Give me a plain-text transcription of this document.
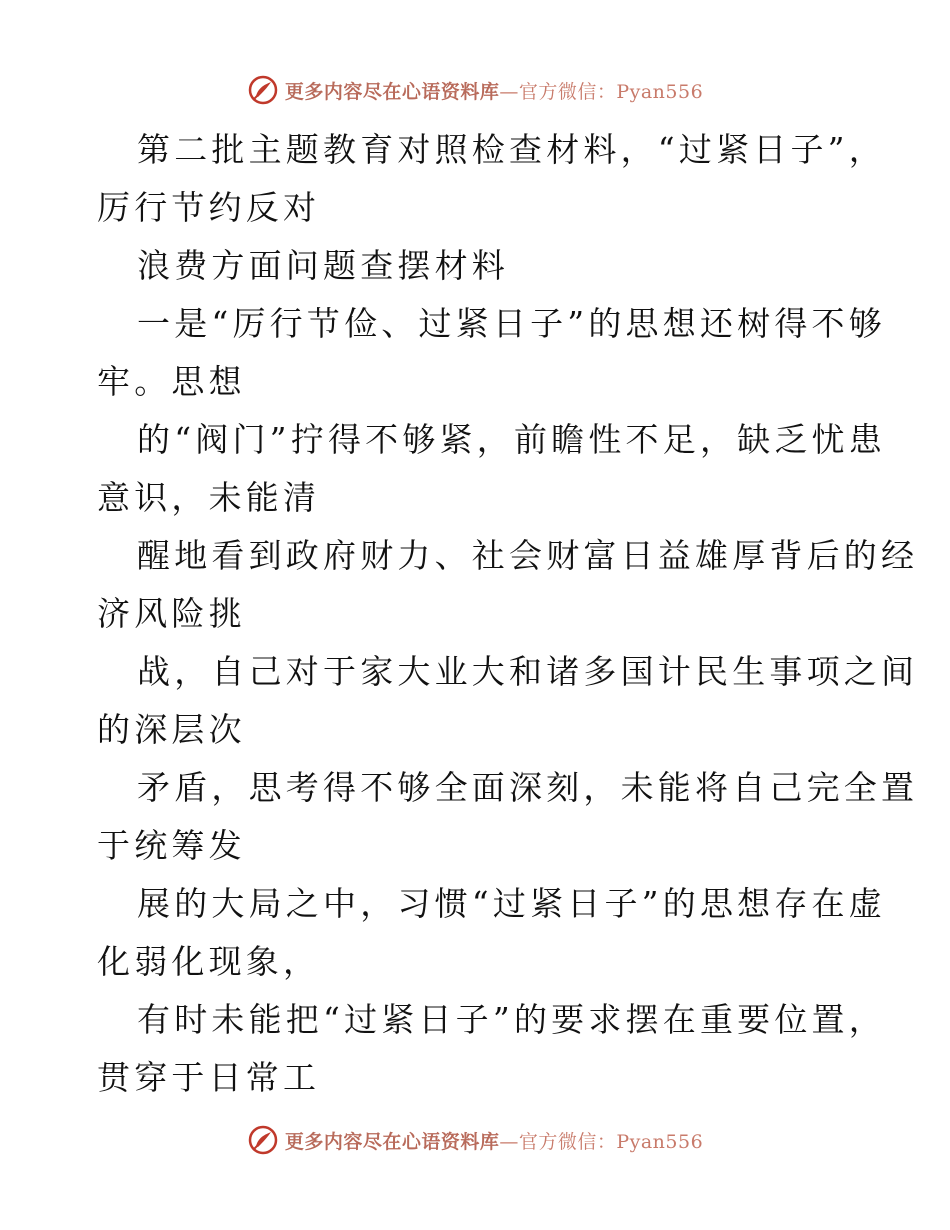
更多内容尽在心语资料库—官方微信：Pyan556
第二批主题教育对照检查材料，“过紧日子”，
厉行节约反对
浪费方面问题查摆材料
一是“厉行节俭、过紧日子”的思想还树得不够
牢。思想
的“阀门”拧得不够紧，前瞻性不足，缺乏忧患
意识，未能清
醒地看到政府财力、社会财富日益雄厚背后的经
济风险挑
战，自己对于家大业大和诸多国计民生事项之间
的深层次
矛盾，思考得不够全面深刻，未能将自己完全置
于统筹发
展的大局之中，习惯“过紧日子”的思想存在虚
化弱化现象，
有时未能把“过紧日子”的要求摆在重要位置，
贯穿于日常工
更多内容尽在心语资料库—官方微信：Pyan556
